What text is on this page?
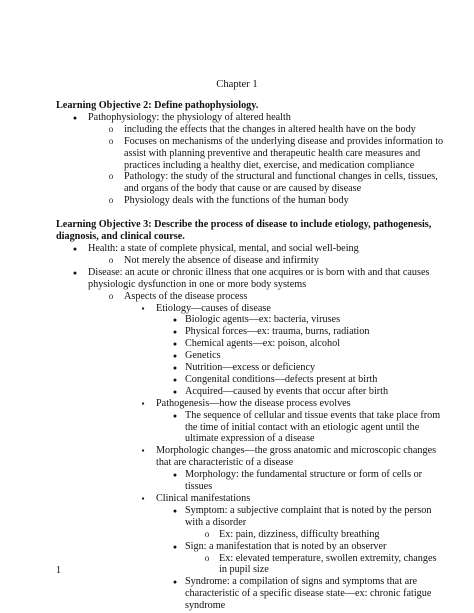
Chapter 1

Learning Objective 2: Define pathophysiology.

●
Pathophysiology: the physiology of altered health
o
including the effects that the changes in altered health have on the body
o
Focuses on mechanisms of the underlying disease and provides information to assist with planning preventive and therapeutic health care measures and practices including a healthy diet, exercise, and medication compliance
o
Pathology: the study of the structural and functional changes in cells, tissues, and organs of the body that cause or are caused by disease
o
Physiology deals with the functions of the human body

Learning Objective 3: Describe the process of disease to include etiology, pathogenesis, diagnosis, and clinical course.

●
Health: a state of complete physical, mental, and social well-being
o
Not merely the absence of disease and infirmity
●
Disease: an acute or chronic illness that one acquires or is born with and that causes physiologic dysfunction in one or more body systems
o
Aspects of the disease process
▪
Etiology—causes of disease
●
Biologic agents—ex: bacteria, viruses
●
Physical forces—ex: trauma, burns, radiation
●
Chemical agents—ex: poison, alcohol
●
Genetics
●
Nutrition—excess or deficiency
●
Congenital conditions—defects present at birth
●
Acquired—caused by events that occur after birth
▪
Pathogenesis—how the disease process evolves
●
The sequence of cellular and tissue events that take place from the time of initial contact with an etiologic agent until the ultimate expression of a disease
▪
Morphologic changes—the gross anatomic and microscopic changes that are characteristic of a disease
●
Morphology: the fundamental structure or form of cells or tissues
▪
Clinical manifestations
●
Symptom: a subjective complaint that is noted by the person with a disorder
o
Ex: pain, dizziness, difficulty breathing
●
Sign: a manifestation that is noted by an observer
o
Ex: elevated temperature, swollen extremity, changes in pupil size
●
Syndrome: a compilation of signs and symptoms that are characteristic of a specific disease state—ex: chronic fatigue syndrome
1
